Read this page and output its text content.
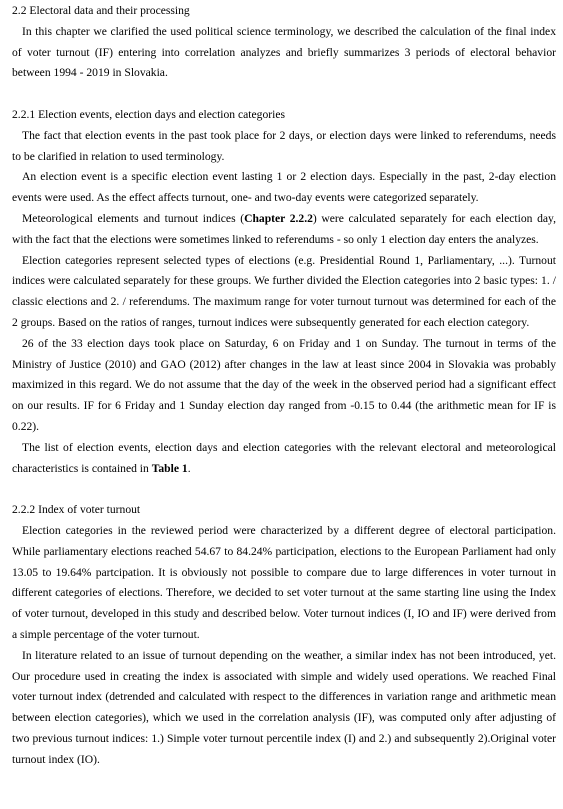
2.2 Electoral data and their processing

In this chapter we clarified the used political science terminology, we described the calculation of the final index of voter turnout (IF) entering into correlation analyzes and briefly summarizes 3 periods of electoral behavior between 1994 - 2019 in Slovakia.

2.2.1 Election events, election days and election categories

The fact that election events in the past took place for 2 days, or election days were linked to referendums, needs to be clarified in relation to used terminology.

An election event is a specific election event lasting 1 or 2 election days. Especially in the past, 2-day election events were used. As the effect affects turnout, one- and two-day events were categorized separately.

Meteorological elements and turnout indices (Chapter 2.2.2) were calculated separately for each election day, with the fact that the elections were sometimes linked to referendums - so only 1 election day enters the analyzes.

Election categories represent selected types of elections (e.g. Presidential Round 1, Parliamentary, ...). Turnout indices were calculated separately for these groups. We further divided the Election categories into 2 basic types: 1. / classic elections and 2. / referendums. The maximum range for voter turnout turnout was determined for each of the 2 groups. Based on the ratios of ranges, turnout indices were subsequently generated for each election category.

26 of the 33 election days took place on Saturday, 6 on Friday and 1 on Sunday. The turnout in terms of the Ministry of Justice (2010) and GAO (2012) after changes in the law at least since 2004 in Slovakia was probably maximized in this regard. We do not assume that the day of the week in the observed period had a significant effect on our results. IF for 6 Friday and 1 Sunday election day ranged from -0.15 to 0.44 (the arithmetic mean for IF is 0.22).

The list of election events, election days and election categories with the relevant electoral and meteorological characteristics is contained in Table 1.

2.2.2 Index of voter turnout

Election categories in the reviewed period were characterized by a different degree of electoral participation. While parliamentary elections reached 54.67 to 84.24% participation, elections to the European Parliament had only 13.05 to 19.64% partcipation. It is obviously not possible to compare due to large differences in voter turnout in different categories of elections. Therefore, we decided to set voter turnout at the same starting line using the Index of voter turnout, developed in this study and described below. Voter turnout indices (I, IO and IF) were derived from a simple percentage of the voter turnout.

In literature related to an issue of turnout depending on the weather, a similar index has not been introduced, yet. Our procedure used in creating the index is associated with simple and widely used operations. We reached Final voter turnout index (detrended and calculated with respect to the differences in variation range and arithmetic mean between election categories), which we used in the correlation analysis (IF), was computed only after adjusting of two previous turnout indices: 1.) Simple voter turnout percentile index (I) and 2.) and subsequently 2).Original voter turnout index (IO).
